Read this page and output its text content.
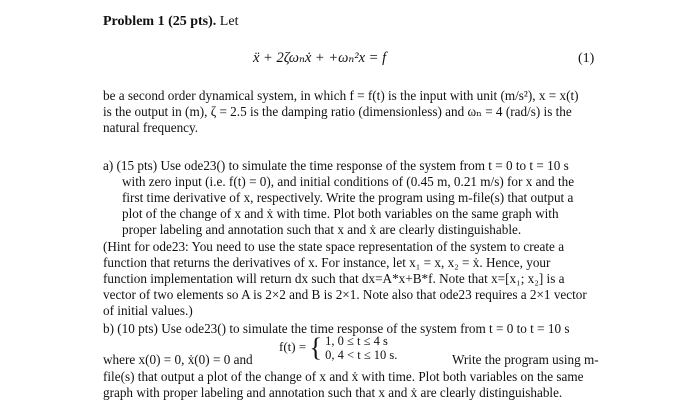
Problem 1 (25 pts). Let
ẍ + 2ζωₙẋ + +ωₙ²x = f	(1)
be a second order dynamical system, in which f = f(t) is the input with unit (m/s²), x = x(t)
is the output in (m), ζ = 2.5 is the damping ratio (dimensionless) and ωₙ = 4 (rad/s) is the
natural frequency.
a) (15 pts) Use ode23() to simulate the time response of the system from t = 0 to t = 10 s
with zero input (i.e. f(t) = 0), and initial conditions of (0.45 m, 0.21 m/s) for x and the
first time derivative of x, respectively. Write the program using m-file(s) that output a
plot of the change of x and ẋ with time. Plot both variables on the same graph with
proper labeling and annotation such that x and ẋ are clearly distinguishable.
(Hint for ode23: You need to use the state space representation of the system to create a
function that returns the derivatives of x. For instance, let x₁ = x, x₂ = ẋ. Hence, your
function implementation will return dx such that dx=A*x+B*f. Note that x=[x₁; x₂] is a
vector of two elements so A is 2×2 and B is 2×1. Note also that ode23 requires a 2×1 vector
of initial values.)
b) (10 pts) Use ode23() to simulate the time response of the system from t = 0 to t = 10 s
where x(0) = 0, ẋ(0) = 0 and
f(t) = { 1, 0 ≤ t ≤ 4 s
0, 4 < t ≤ 10 s.	Write the program using m-
file(s) that output a plot of the change of x and ẋ with time. Plot both variables on the same
graph with proper labeling and annotation such that x and ẋ are clearly distinguishable.
